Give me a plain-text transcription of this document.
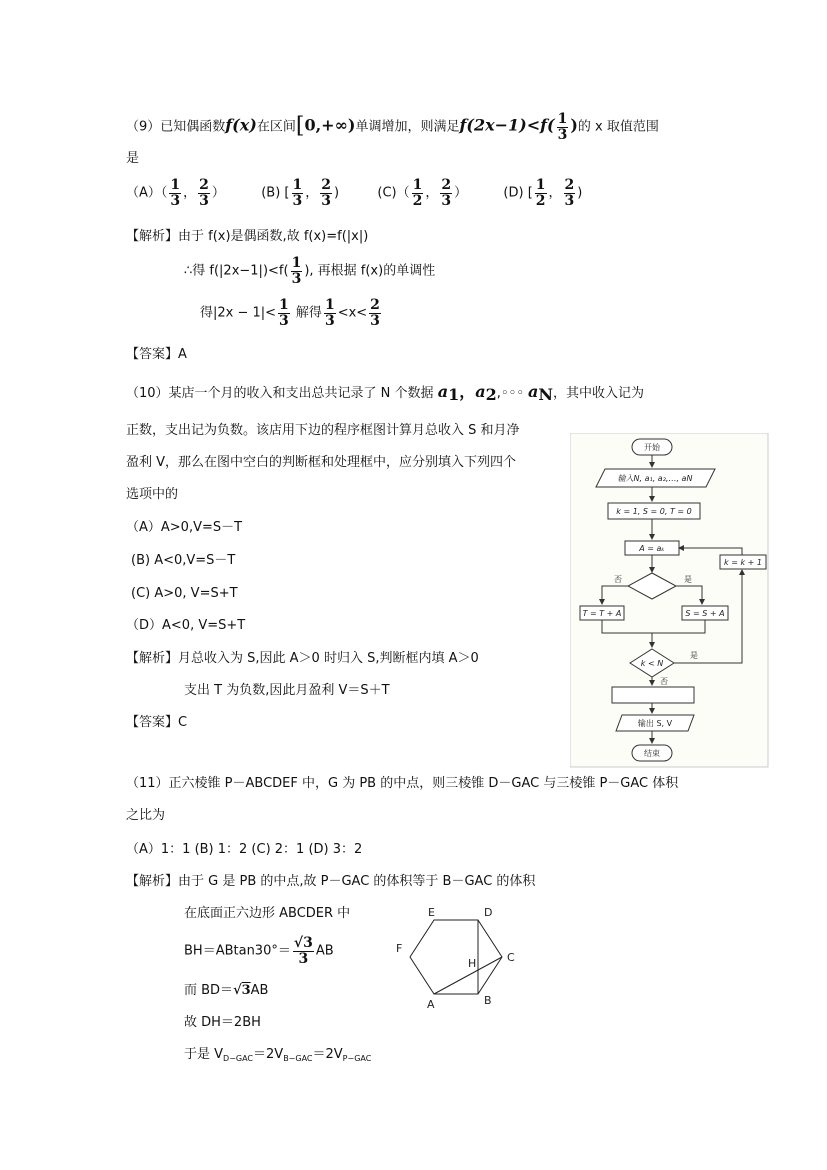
（9）已知偶函数f(x)在区间[0,+∞)单调增加，则满足$f(2x-1)<f( \frac{1}{3}$ )的 x 取值范围
是
$(A)( \frac{1}{3}$ ， $\frac{2}{3}$ ）	(B) [ $\frac{1}{3}$ ， $\frac{2}{3}$ )	$(C)( \frac{1}{2}$ ， $\frac{2}{3}$ ）	(D) [ $\frac{1}{2}$ ， $\frac{2}{3}$ )
【解析】由于 f(x)是偶函数,故 f(x)=f(|x|)
∴得 $f(|2x-1|)<f( \frac{1}{3}$ ), 再根据 f(x)的单调性
得$|2x - 1|< \frac{1}{3}$ 解得 $\frac{1}{3} <x< \frac{2}{3}$
【答案】A
（10）某店一个月的收入和支出总共记录了 N 个数据 $a_1$，$a_2,◦◦◦$ $a_N$，其中收入记为
正数，支出记为负数。该店用下边的程序框图计算月总收入 S 和月净
盈利 V，那么在图中空白的判断框和处理框中，应分别填入下列四个
选项中的
（A）A>0,V=S－T
(B) A<0,V=S－T
(C) A>0, V=S+T
（D）A<0, V=S+T
【解析】月总收入为 S,因此 A＞0 时归入 S,判断框内填 A＞0
支出 T 为负数,因此月盈利 V＝S＋T
【答案】C
开始
输入N, a₁, a₂,…, aN
k = 1, S = 0, T = 0
A = aₖ
否	是
T = T + A	S = S + A
k < N
是
否
k = k + 1
输出 S, V
结束
（11）正六棱锥 P－ABCDEF 中，G 为 PB 的中点，则三棱锥 D－GAC 与三棱锥 P－GAC 体积
之比为
（A）1：1 (B) 1：2 (C) 2：1 (D) 3：2
【解析】由于 G 是 PB 的中点,故 P－GAC 的体积等于 B－GAC 的体积
在底面正六边形 ABCDER 中
$BH=ABtan30^\circ= \frac{√3}{3}$ AB
而 BD＝√3AB
故 DH＝2BH
于是 $V_{D-GAC}=2V_{B-GAC}=2V_{P-GAC}$
E	D
F
C
H
A	B
